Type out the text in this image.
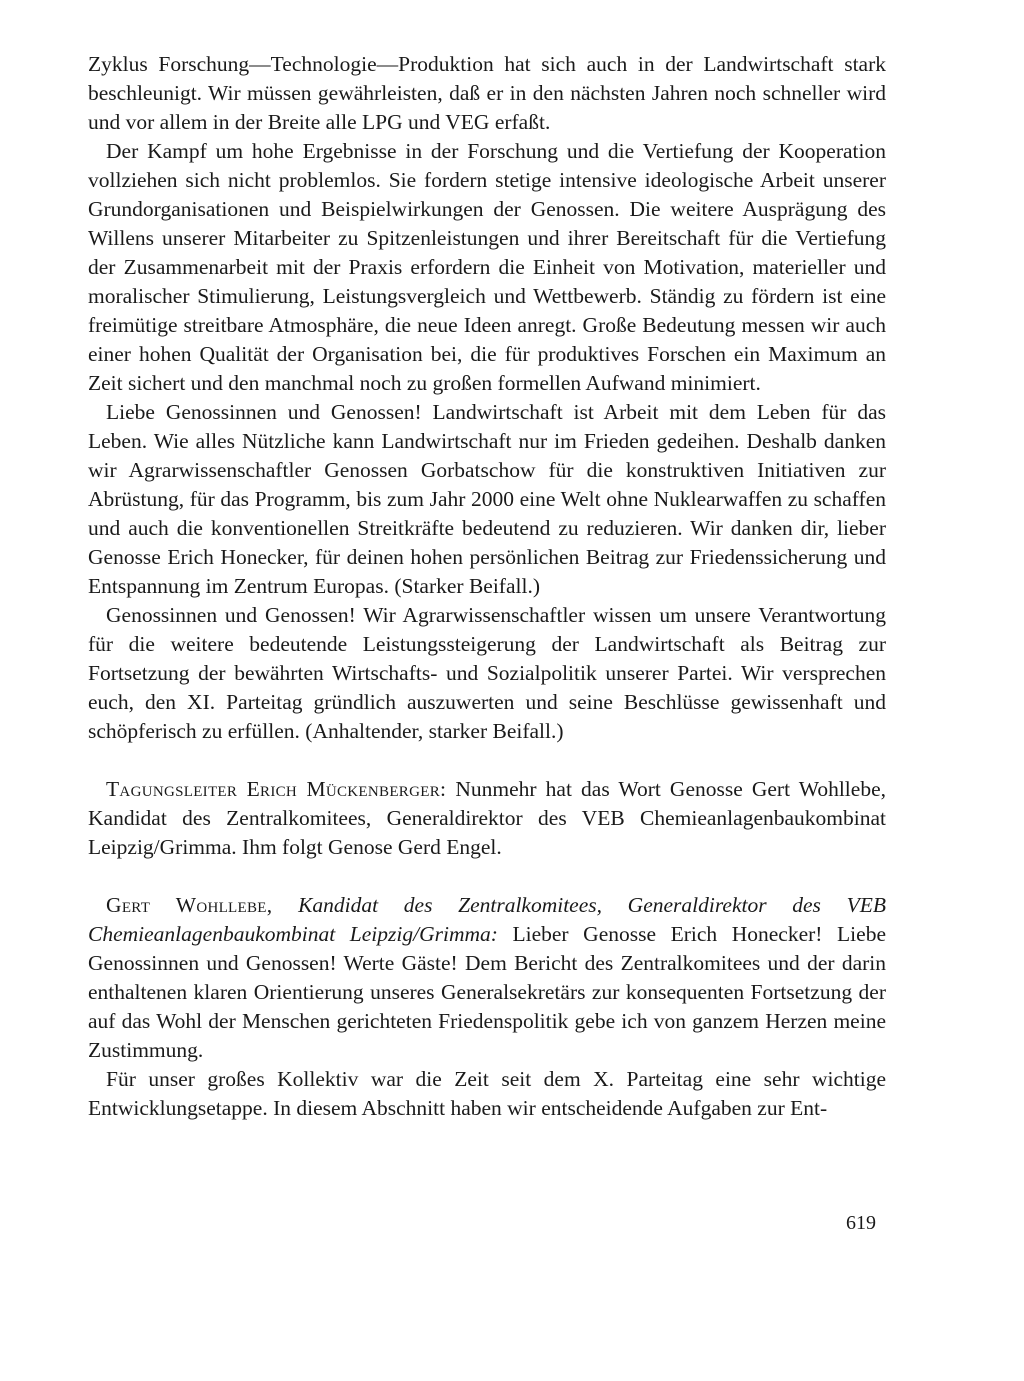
Zyklus Forschung—Technologie—Produktion hat sich auch in der Landwirtschaft stark beschleunigt. Wir müssen gewährleisten, daß er in den nächsten Jahren noch schneller wird und vor allem in der Breite alle LPG und VEG erfaßt.

Der Kampf um hohe Ergebnisse in der Forschung und die Vertiefung der Kooperation vollziehen sich nicht problemlos. Sie fordern stetige intensive ideologische Arbeit unserer Grundorganisationen und Beispielwirkungen der Genossen. Die weitere Ausprägung des Willens unserer Mitarbeiter zu Spitzenleistungen und ihrer Bereitschaft für die Vertiefung der Zusammenarbeit mit der Praxis erfordern die Einheit von Motivation, materieller und moralischer Stimulierung, Leistungsvergleich und Wettbewerb. Ständig zu fördern ist eine freimütige streitbare Atmosphäre, die neue Ideen anregt. Große Bedeutung messen wir auch einer hohen Qualität der Organisation bei, die für produktives Forschen ein Maximum an Zeit sichert und den manchmal noch zu großen formellen Aufwand minimiert.

Liebe Genossinnen und Genossen! Landwirtschaft ist Arbeit mit dem Leben für das Leben. Wie alles Nützliche kann Landwirtschaft nur im Frieden gedeihen. Deshalb danken wir Agrarwissenschaftler Genossen Gorbatschow für die konstruktiven Initiativen zur Abrüstung, für das Programm, bis zum Jahr 2000 eine Welt ohne Nuklearwaffen zu schaffen und auch die konventionellen Streitkräfte bedeutend zu reduzieren. Wir danken dir, lieber Genosse Erich Honecker, für deinen hohen persönlichen Beitrag zur Friedenssicherung und Entspannung im Zentrum Europas. (Starker Beifall.)

Genossinnen und Genossen! Wir Agrarwissenschaftler wissen um unsere Verantwortung für die weitere bedeutende Leistungssteigerung der Landwirtschaft als Beitrag zur Fortsetzung der bewährten Wirtschafts- und Sozialpolitik unserer Partei. Wir versprechen euch, den XI. Parteitag gründlich auszuwerten und seine Beschlüsse gewissenhaft und schöpferisch zu erfüllen. (Anhaltender, starker Beifall.)

Tagungsleiter Erich Mückenberger: Nunmehr hat das Wort Genosse Gert Wohllebe, Kandidat des Zentralkomitees, Generaldirektor des VEB Chemieanlagenbaukombinat Leipzig/Grimma. Ihm folgt Genose Gerd Engel.

Gert Wohllebe, Kandidat des Zentralkomitees, Generaldirektor des VEB Chemieanlagenbaukombinat Leipzig/Grimma: Lieber Genosse Erich Honecker! Liebe Genossinnen und Genossen! Werte Gäste! Dem Bericht des Zentralkomitees und der darin enthaltenen klaren Orientierung unseres Generalsekretärs zur konsequenten Fortsetzung der auf das Wohl der Menschen gerichteten Friedenspolitik gebe ich von ganzem Herzen meine Zustimmung.

Für unser großes Kollektiv war die Zeit seit dem X. Parteitag eine sehr wichtige Entwicklungsetappe. In diesem Abschnitt haben wir entscheidende Aufgaben zur Ent-

619
